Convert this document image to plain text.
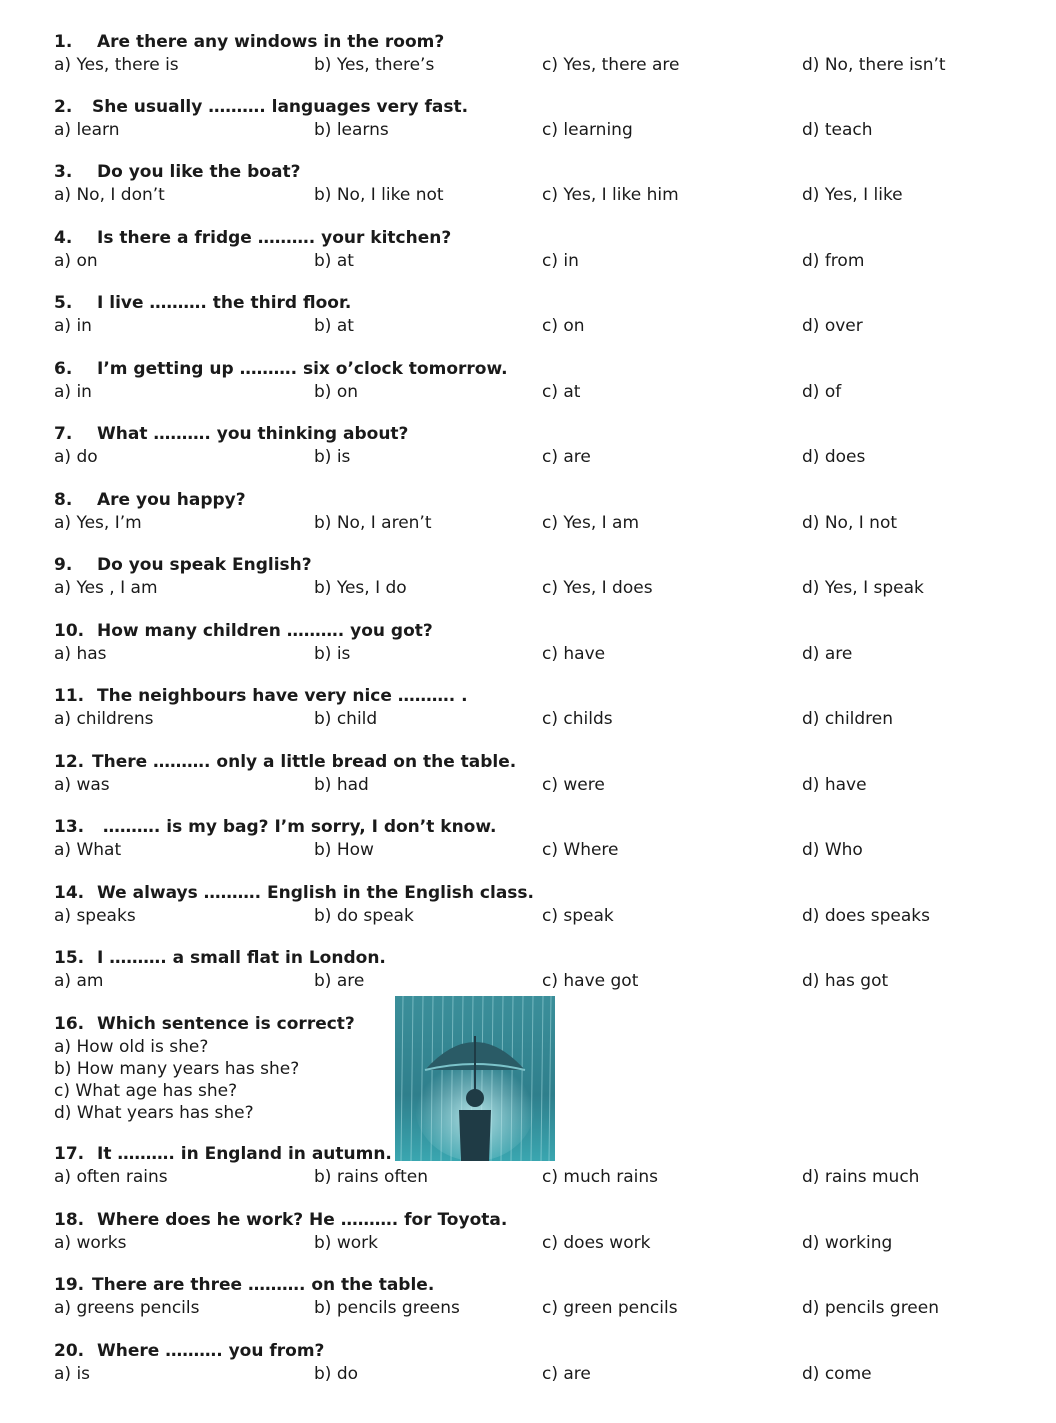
1. Are there any windows in the room?
a) Yes, there is	b) Yes, there’s	c) Yes, there are	d) No, there isn’t
2. She usually ………. languages very fast.
a) learn	b) learns	c) learning	d) teach
3. Do you like the boat?
a) No, I don’t	b) No, I like not	c) Yes, I like him	d) Yes, I like
4. Is there a fridge ………. your kitchen?
a) on	b) at	c) in	d) from
5. I live ………. the third floor.
a) in	b) at	c) on	d) over
6. I’m getting up ………. six o’clock tomorrow.
a) in	b) on	c) at	d) of
7. What ………. you thinking about?
a) do	b) is	c) are	d) does
8. Are you happy?
a) Yes, I’m	b) No, I aren’t	c) Yes, I am	d) No, I not
9. Do you speak English?
a) Yes , I am	b) Yes, I do	c) Yes, I does	d) Yes, I speak
10. How many children ………. you got?
a) has	b) is	c) have	d) are
11. The neighbours have very nice ………. .
a) childrens	b) child	c) childs	d) children
12. There ………. only a little bread on the table.
a) was	b) had	c) were	d) have
13. ………. is my bag? I’m sorry, I don’t know.
a) What	b) How	c) Where	d) Who
14. We always ………. English in the English class.
a) speaks	b) do speak	c) speak	d) does speaks
15. I ………. a small flat in London.
a) am	b) are	c) have got	d) has got
16. Which sentence is correct?
a) How old is she?
b) How many years has she?
c) What age has she?
d) What years has she?
17. It ………. in England in autumn.
a) often rains	b) rains often	c) much rains	d) rains much
18. Where does he work? He ………. for Toyota.
a) works	b) work	c) does work	d) working
19. There are three ………. on the table.
a) greens pencils	b) pencils greens	c) green pencils	d) pencils green
20. Where ………. you from?
a) is	b) do	c) are	d) come
